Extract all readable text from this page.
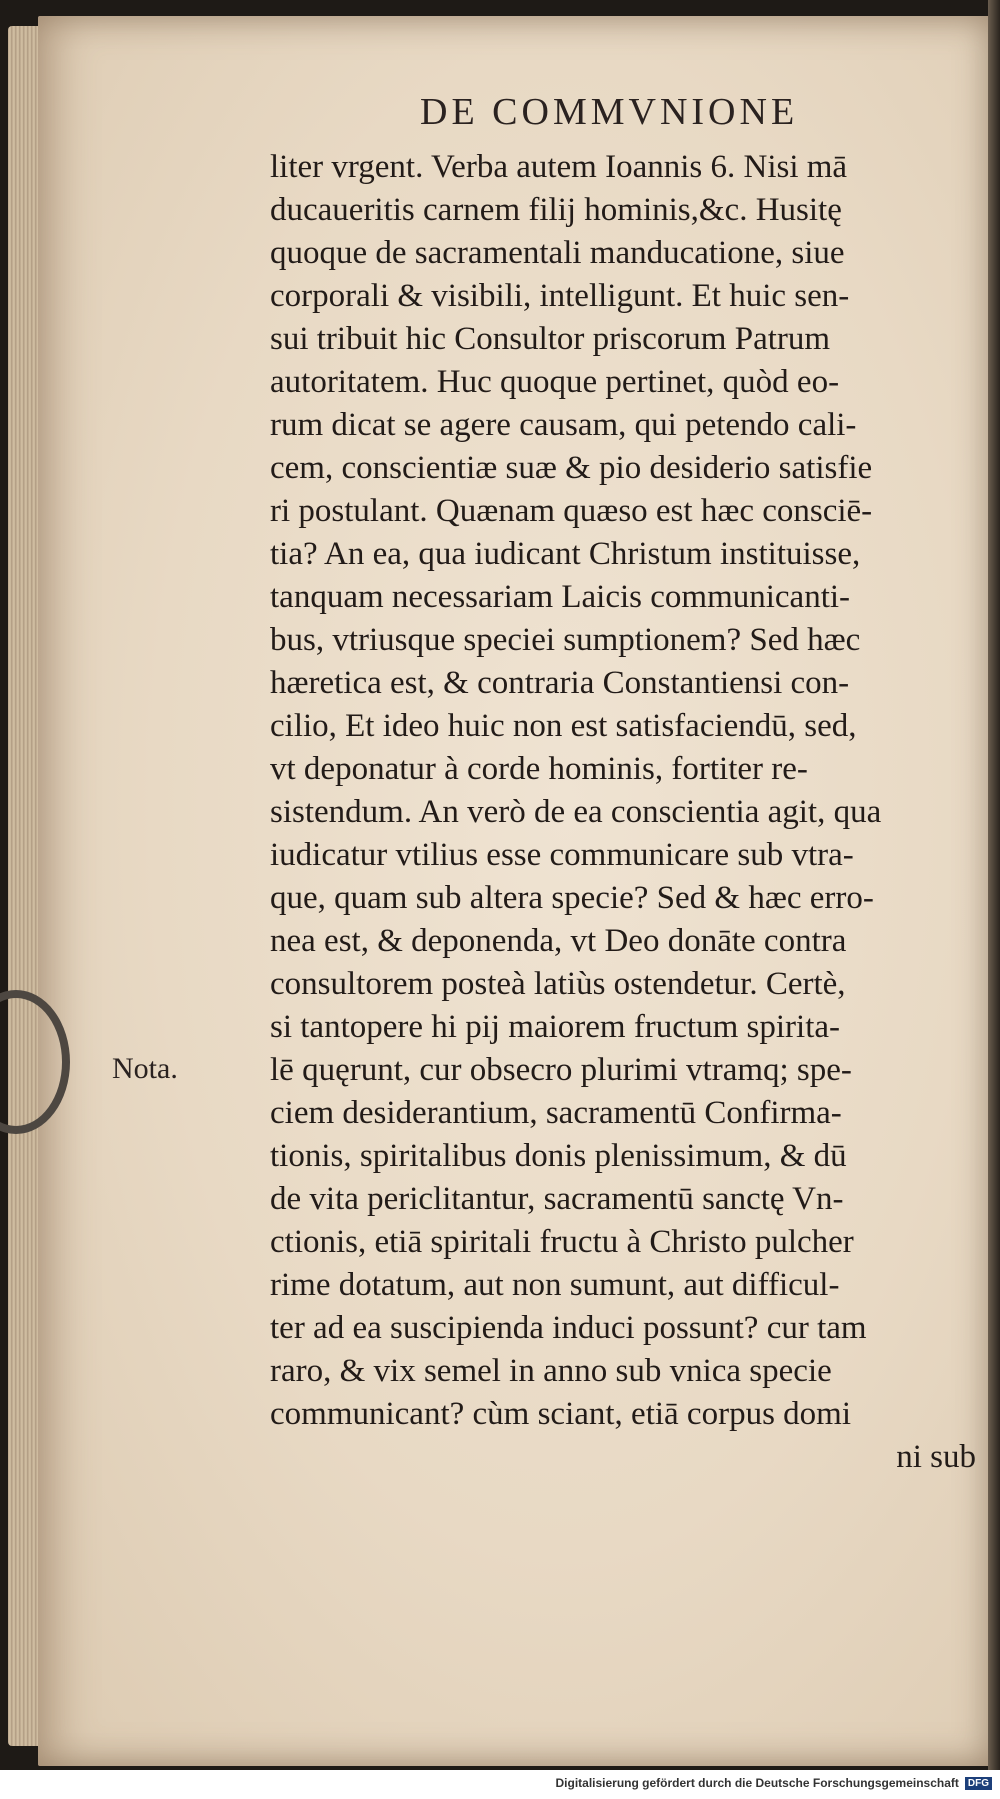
DE COMMVNIONE
Nota.
liter vrgent. Verba autem Ioannis 6. Nisi mā
ducaueritis carnem filij hominis,&c. Husitę
quoque de sacramentali manducatione, siue
corporali & visibili, intelligunt. Et huic sen-
sui tribuit hic Consultor priscorum Patrum
autoritatem. Huc quoque pertinet, quòd eo-
rum dicat se agere causam, qui petendo cali-
cem, conscientiæ suæ & pio desiderio satisfie
ri postulant. Quænam quæso est hæc consciē-
tia? An ea, qua iudicant Christum instituisse,
tanquam necessariam Laicis communicanti-
bus, vtriusque speciei sumptionem? Sed hæc
hæretica est, & contraria Constantiensi con-
cilio, Et ideo huic non est satisfaciendū, sed,
vt deponatur à corde hominis, fortiter re-
sistendum. An verò de ea conscientia agit, qua
iudicatur vtilius esse communicare sub vtra-
que, quam sub altera specie? Sed & hæc erro-
nea est, & deponenda, vt Deo donāte contra
consultorem posteà latiùs ostendetur. Certè,
si tantopere hi pij maiorem fructum spirita-
lē quęrunt, cur obsecro plurimi vtramq; spe-
ciem desiderantium, sacramentū Confirma-
tionis, spiritalibus donis plenissimum, & dū
de vita periclitantur, sacramentū sanctę Vn-
ctionis, etiā spiritali fructu à Christo pulcher
rime dotatum, aut non sumunt, aut difficul-
ter ad ea suscipienda induci possunt? cur tam
raro, & vix semel in anno sub vnica specie
communicant? cùm sciant, etiā corpus domi
ni sub
Digitalisierung gefördert durch die Deutsche Forschungsgemeinschaft DFG
